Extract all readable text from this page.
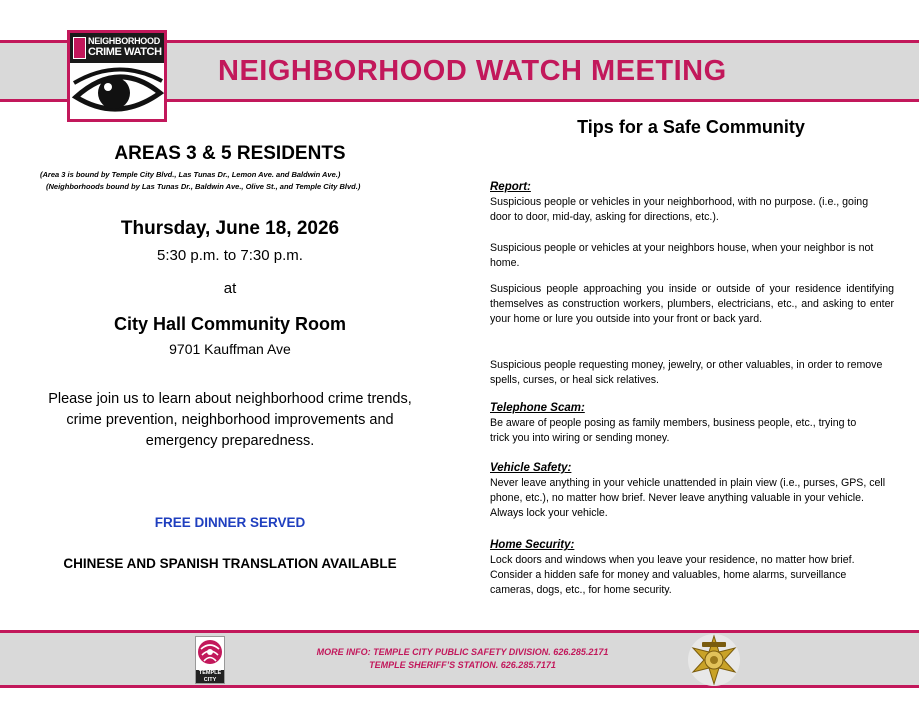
NEIGHBORHOOD
CRIME WATCH
NEIGHBORHOOD WATCH MEETING
AREAS 3 & 5 RESIDENTS
(Area 3 is bound by Temple City Blvd., Las Tunas Dr., Lemon Ave. and Baldwin Ave.)
(Neighborhoods bound by Las Tunas Dr., Baldwin Ave., Olive St., and Temple City Blvd.)
Thursday, June 18, 2026
5:30 p.m. to 7:30 p.m.
at
City Hall Community Room
9701 Kauffman Ave
Please join us to learn about neighborhood crime trends,
crime prevention, neighborhood improvements and
emergency preparedness.
FREE DINNER SERVED
CHINESE AND SPANISH TRANSLATION AVAILABLE
Tips for a Safe Community

Report:

Suspicious people or vehicles in your neighborhood, with no purpose. (i.e., going door to door, mid-day, asking for directions, etc.).

Suspicious people or vehicles at your neighbors house, when your neighbor is not home.

Suspicious people approaching you inside or outside of your residence identifying themselves as construction workers, plumbers, electricians, etc., and asking to enter your home or lure you outside into your front or back yard.

Suspicious people requesting money, jewelry, or other valuables, in order to remove spells, curses, or heal sick relatives.

Telephone Scam:

Be aware of people posing as family members, business people, etc., trying to trick you into wiring or sending money.

Vehicle Safety:

Never leave anything in your vehicle unattended in plain view (i.e., purses, GPS, cell phone, etc.), no matter how brief. Never leave anything valuable in your vehicle. Always lock your vehicle.

Home Security:

Lock doors and windows when you leave your residence, no matter how brief. Consider a hidden safe for money and valuables, home alarms, surveillance cameras, dogs, etc., for home security.

TEMPLE CITY
MORE INFO: TEMPLE CITY PUBLIC SAFETY DIVISION. 626.285.2171
TEMPLE SHERIFF’S STATION. 626.285.7171
